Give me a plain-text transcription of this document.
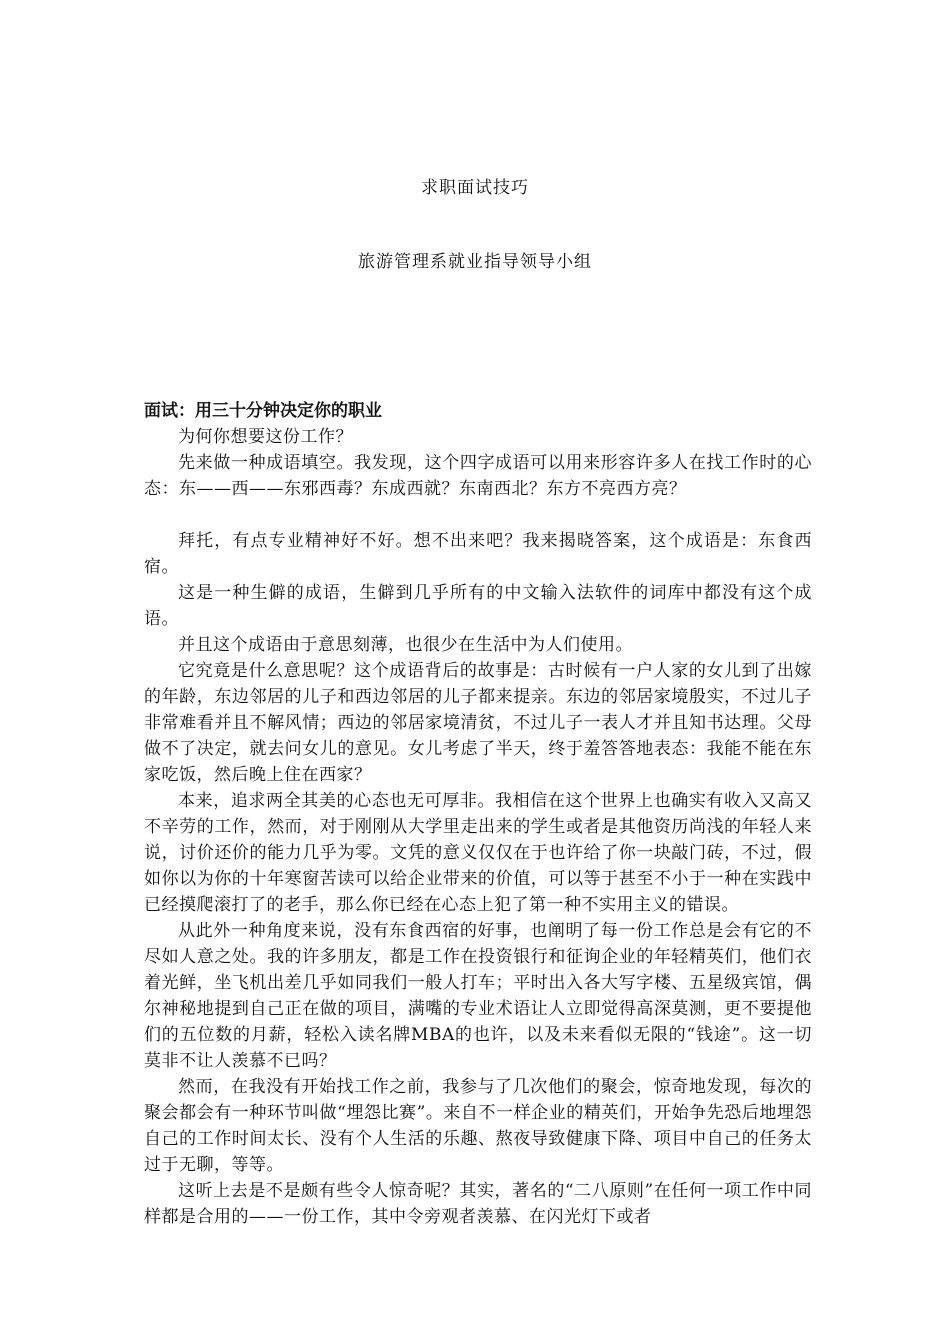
求职面试技巧
旅游管理系就业指导领导小组

面试：用三十分钟决定你的职业

为何你想要这份工作？

先来做一种成语填空。我发现，这个四字成语可以用来形容许多人在找工作时的心态：东——西——东邪西毒？东成西就？东南西北？东方不亮西方亮？

拜托，有点专业精神好不好。想不出来吧？我来揭晓答案，这个成语是：东食西宿。

这是一种生僻的成语，生僻到几乎所有的中文输入法软件的词库中都没有这个成语。

并且这个成语由于意思刻薄，也很少在生活中为人们使用。

它究竟是什么意思呢？这个成语背后的故事是：古时候有一户人家的女儿到了出嫁的年龄，东边邻居的儿子和西边邻居的儿子都来提亲。东边的邻居家境殷实，不过儿子非常难看并且不解风情；西边的邻居家境清贫，不过儿子一表人才并且知书达理。父母做不了决定，就去问女儿的意见。女儿考虑了半天，终于羞答答地表态：我能不能在东家吃饭，然后晚上住在西家？

本来，追求两全其美的心态也无可厚非。我相信在这个世界上也确实有收入又高又不辛劳的工作，然而，对于刚刚从大学里走出来的学生或者是其他资历尚浅的年轻人来说，讨价还价的能力几乎为零。文凭的意义仅仅在于也许给了你一块敲门砖，不过，假如你以为你的十年寒窗苦读可以给企业带来的价值，可以等于甚至不小于一种在实践中已经摸爬滚打了的老手，那么你已经在心态上犯了第一种不实用主义的错误。

从此外一种角度来说，没有东食西宿的好事，也阐明了每一份工作总是会有它的不尽如人意之处。我的许多朋友，都是工作在投资银行和征询企业的年轻精英们，他们衣着光鲜，坐飞机出差几乎如同我们一般人打车；平时出入各大写字楼、五星级宾馆，偶尔神秘地提到自己正在做的项目，满嘴的专业术语让人立即觉得高深莫测，更不要提他们的五位数的月薪，轻松入读名牌MBA的也许，以及未来看似无限的“钱途”。这一切莫非不让人羡慕不已吗？

然而，在我没有开始找工作之前，我参与了几次他们的聚会，惊奇地发现，每次的聚会都会有一种环节叫做“埋怨比赛”。来自不一样企业的精英们，开始争先恐后地埋怨自己的工作时间太长、没有个人生活的乐趣、熬夜导致健康下降、项目中自己的任务太过于无聊，等等。

这听上去是不是颇有些令人惊奇呢？其实，著名的“二八原则”在任何一项工作中同样都是合用的——一份工作，其中令旁观者羡慕、在闪光灯下或者
